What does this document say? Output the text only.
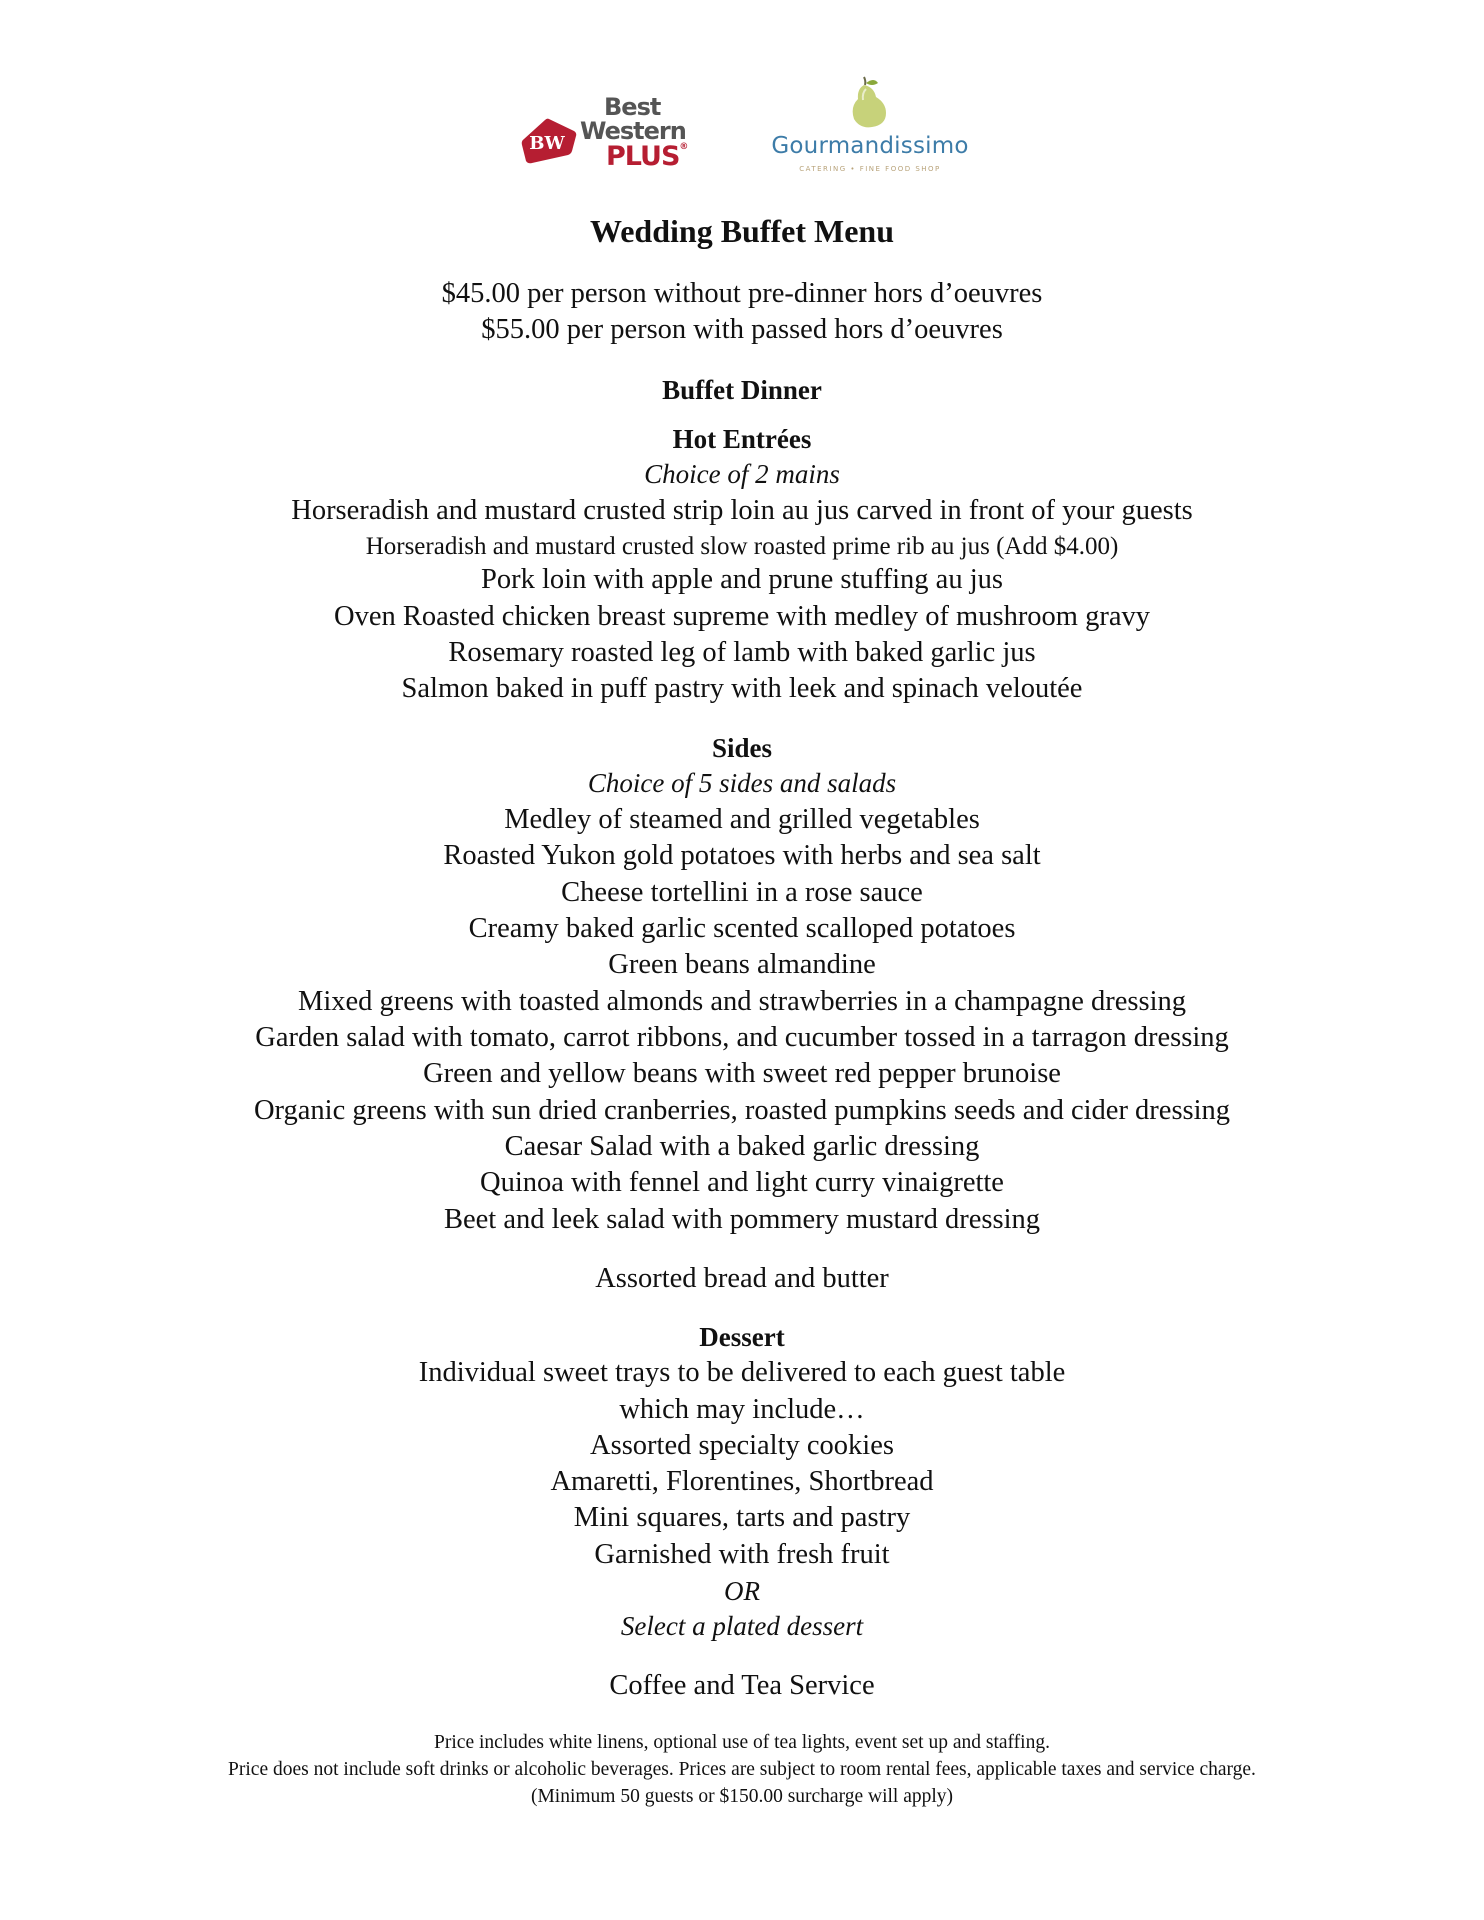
BW
Best
Western
PLUS®	Gourmandissimo
CATERING • FINE FOOD SHOP
Wedding Buffet Menu
$45.00 per person without pre-dinner hors d’oeuvres
$55.00 per person with passed hors d’oeuvres
Buffet Dinner
Hot Entrées
Choice of 2 mains
Horseradish and mustard crusted strip loin au jus carved in front of your guests
Horseradish and mustard crusted slow roasted prime rib au jus (Add $4.00)
Pork loin with apple and prune stuffing au jus
Oven Roasted chicken breast supreme with medley of mushroom gravy
Rosemary roasted leg of lamb with baked garlic jus
Salmon baked in puff pastry with leek and spinach veloutée
Sides
Choice of 5 sides and salads
Medley of steamed and grilled vegetables
Roasted Yukon gold potatoes with herbs and sea salt
Cheese tortellini in a rose sauce
Creamy baked garlic scented scalloped potatoes
Green beans almandine
Mixed greens with toasted almonds and strawberries in a champagne dressing
Garden salad with tomato, carrot ribbons, and cucumber tossed in a tarragon dressing
Green and yellow beans with sweet red pepper brunoise
Organic greens with sun dried cranberries, roasted pumpkins seeds and cider dressing
Caesar Salad with a baked garlic dressing
Quinoa with fennel and light curry vinaigrette
Beet and leek salad with pommery mustard dressing
Assorted bread and butter
Dessert
Individual sweet trays to be delivered to each guest table
which may include…
Assorted specialty cookies
Amaretti, Florentines, Shortbread
Mini squares, tarts and pastry
Garnished with fresh fruit
OR
Select a plated dessert
Coffee and Tea Service
Price includes white linens, optional use of tea lights, event set up and staffing.
Price does not include soft drinks or alcoholic beverages. Prices are subject to room rental fees, applicable taxes and service charge.
(Minimum 50 guests or $150.00 surcharge will apply)
